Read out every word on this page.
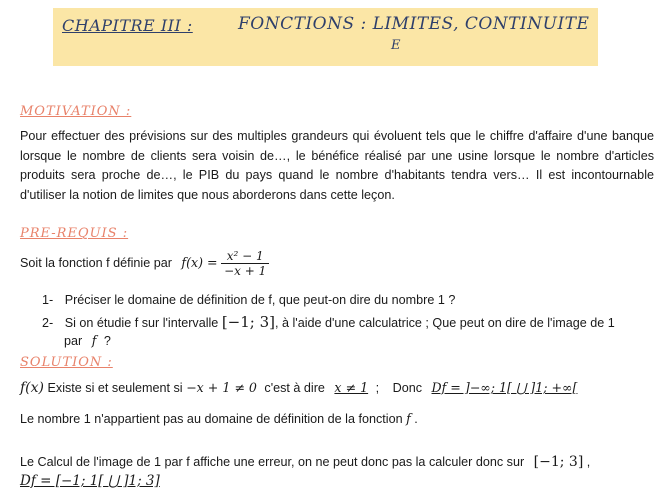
CHAPITRE III :	FONCTIONS : LIMITES, CONTINUITE
E
MOTIVATION :
Pour effectuer des prévisions sur des multiples grandeurs qui évoluent tels que le chiffre d'affaire d'une banque lorsque le nombre de clients sera voisin de…, le bénéfice réalisé par une usine lorsque le nombre d'articles produits sera proche de…, le PIB du pays quand le nombre d'habitants tendra vers… Il est incontournable d'utiliser la notion de limites que nous aborderons dans cette leçon.
PRE-REQUIS :
Soit la fonction f définie par $f(x) = \frac{\text{x² − 1}}{-x + 1}$
1- Préciser le domaine de définition de f, que peut-on dire du nombre 1 ?
2- Si on étudie f sur l'intervalle [−1; 3], à l'aide d'une calculatrice ; Que peut on dire de l'image de 1
par f ?
SOLUTION :
f(x) Existe si et seulement si −x + 1 ≠ 0 c'est à dire x ≠ 1 ; Donc Df = ]−∞; 1[ ⋃ ]1; +∞[
Le nombre 1 n'appartient pas au domaine de définition de la fonction f .
Le Calcul de l'image de 1 par f affiche une erreur, on ne peut donc pas la calculer donc sur [−1; 3] ,
Df = [−1; 1[ ⋃ ]1; 3]
